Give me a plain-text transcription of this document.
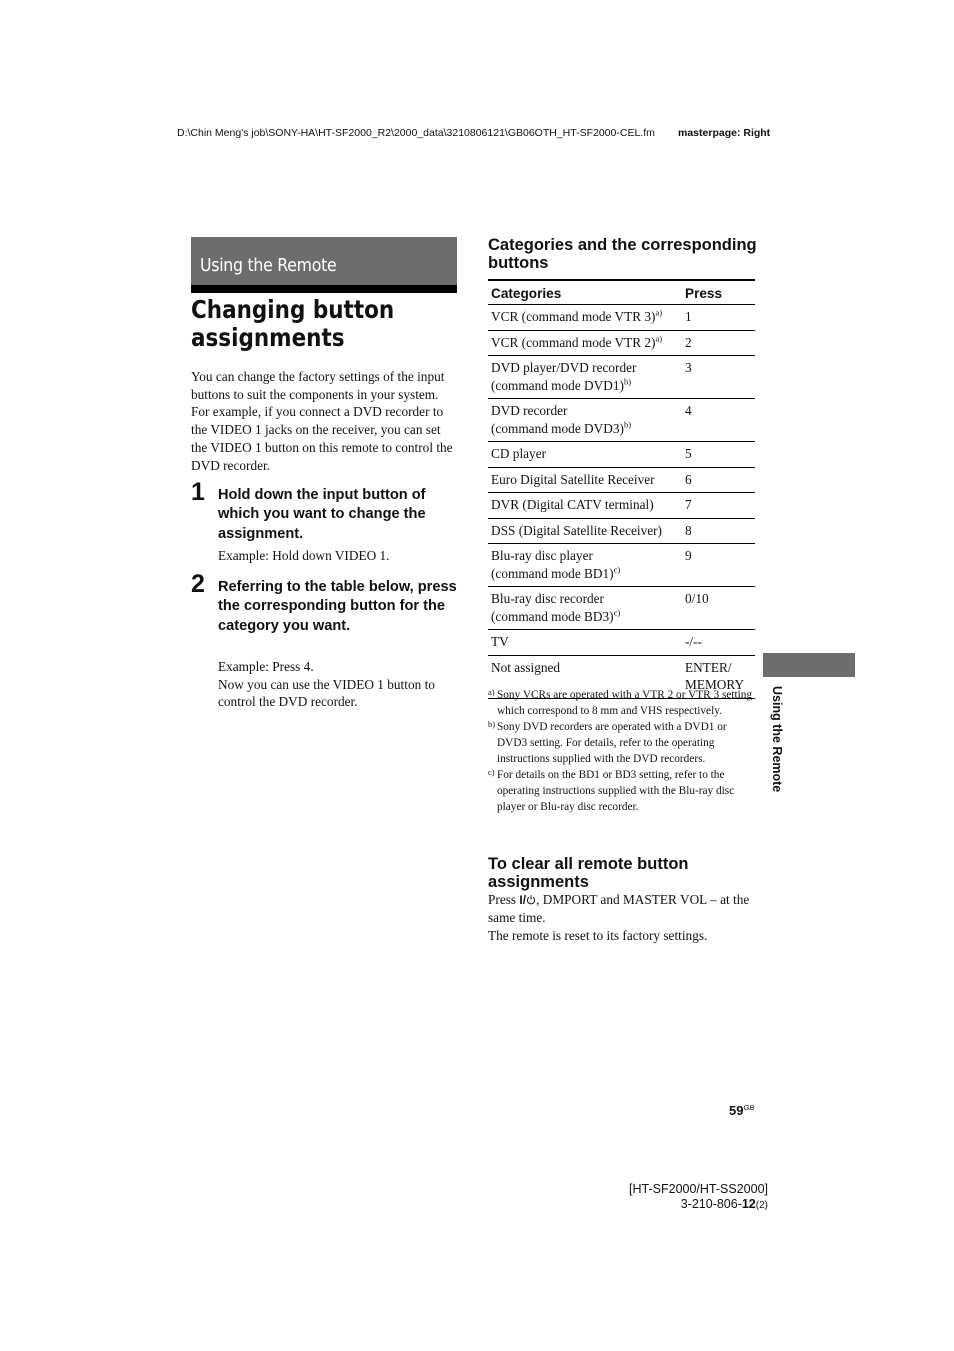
D:\Chin Meng's job\SONY-HA\HT-SF2000_R2\2000_data\3210806121\GB06OTH_HT-SF2000-CEL.fm masterpage: Right
Using the Remote
Changing button assignments
You can change the factory settings of the input buttons to suit the components in your system. For example, if you connect a DVD recorder to the VIDEO 1 jacks on the receiver, you can set the VIDEO 1 button on this remote to control the DVD recorder.
1 Hold down the input button of which you want to change the assignment.
Example: Hold down VIDEO 1.
2 Referring to the table below, press the corresponding button for the category you want.
Example: Press 4.
Now you can use the VIDEO 1 button to control the DVD recorder.
Categories and the corresponding buttons
Categories	Press

VCR (command mode VTR 3)$^{a)}$	1

VCR (command mode VTR 2)$^{a)}$	2

DVD player/DVD recorder
(command mode DVD1)$^{b)}$	3

DVD recorder
(command mode DVD3)$^{b)}$	4

CD player	5

Euro Digital Satellite Receiver	6

DVR (Digital CATV terminal)	7

DSS (Digital Satellite Receiver)	8

Blu-ray disc player
(command mode BD1)$^{c)}$	9

Blu-ray disc recorder
(command mode BD3)$^{c)}$	0/10

TV	-/--

Not assigned	ENTER/
MEMORY
a) Sony VCRs are operated with a VTR 2 or VTR 3 setting which correspond to 8 mm and VHS respectively.
b) Sony DVD recorders are operated with a DVD1 or DVD3 setting. For details, refer to the operating instructions supplied with the DVD recorders.
c) For details on the BD1 or BD3 setting, refer to the operating instructions supplied with the Blu-ray disc player or Blu-ray disc recorder.
To clear all remote button assignments
Press I/ , DMPORT and MASTER VOL – at the same time.
The remote is reset to its factory settings.
Using the Remote
$59^{GB}$
[HT-SF2000/HT-SS2000]
3-210-806-12(2)
